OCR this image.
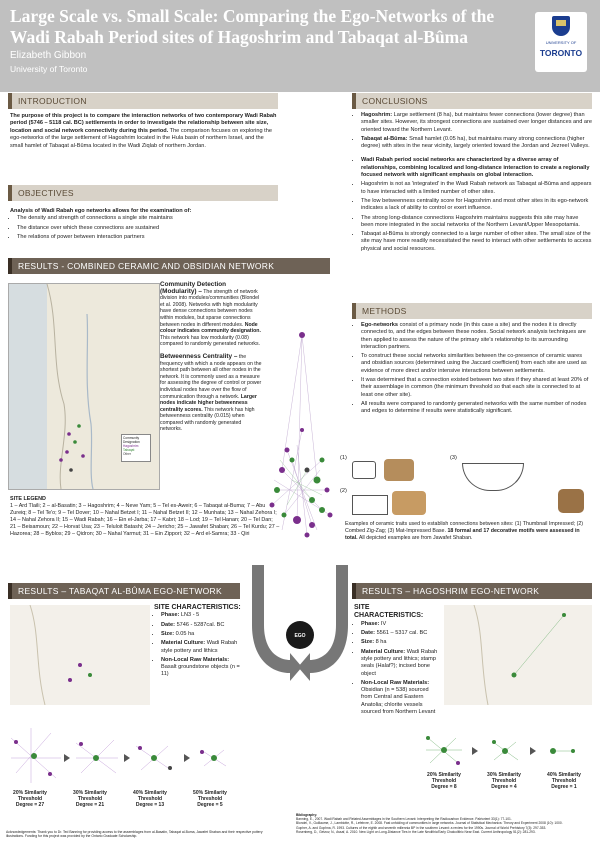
Large Scale vs. Small Scale: Comparing the Ego-Networks of the Wadi Rabah Period sites of Hagoshrim and Tabaqat al-Bûma
Elizabeth Gibbon
University of Toronto
UNIVERSITY OF
TORONTO
INTRODUCTION
The purpose of this project is to compare the interaction networks of two contemporary Wadi Rabah period (5746 – 5118 cal. BC) settlements in order to investigate the relationship between site size, location and social network connectivity during this period. The comparison focuses on exploring the ego-networks of the large settlement of Hagoshrim located in the Hula basin of northern Israel, and the small hamlet of Tabaqat al-Bûma located in the Wadi Ziqlab of northern Jordan.
OBJECTIVES
Analysis of Wadi Rabah ego networks allows for the examination of:
• The density and strength of connections a single site maintains
• The distance over which these connections are sustained
• The relations of power between interaction partners
RESULTS - COMBINED CERAMIC AND OBSIDIAN NETWORK
Community Designation
Hagoshrim
Tabaqat
Other
Community Detection (Modularity) – The strength of network division into modules/communities (Blondel et al. 2008). Networks with high modularity have dense connections between nodes within modules, but sparse connections between nodes in different modules. Node colour indicates community designation. This network has low modularity (0.08) compared to randomly generated networks.
Betweenness Centrality – the frequency with which a node appears on the shortest path between all other nodes in the network. It is commonly used as a measure for assessing the degree of control or power individual nodes have over the flow of communication through a network. Larger nodes indicate higher betweenness centrality scores. This network has high betweenness centrality (0.015) when compared with randomly generated networks.
SITE LEGEND
1 – Ard Tlaili; 2 – al-Basatin; 3 – Hagoshrim; 4 – Neve Yam; 5 – Tel es-Aweir; 6 – Tabaqat al-Buma; 7 – Abu Zureiq; 8 – Tel Te'o; 9 – Tel Dover; 10 – Nahal Betzet I; 11 – Nahal Betzet II; 12 – Munhata; 13 – Nahal Zehora I; 14 – Nahal Zehora II; 15 – Wadi Rabah; 16 – Ein el-Jarba; 17 – Kabri; 18 – Lod; 19 – Tel Hanan; 20 – Tel Dan; 21 – Beisamoun; 22 – Horvat Usa; 23 – Teluloit Batashi; 24 – Jericho; 25 – Jawafet Shaban; 26 – Tel Kurdu; 27 – Hazorea; 28 – Byblos; 29 – Qidron; 30 – Nahal Yarmut; 31 – Ein Zippori; 32 – Ard el-Samra; 33 - Qiri
CONCLUSIONS
• Hagoshrim: Large settlement (8 ha), but maintains fewer connections (lower degree) than smaller sites. However, its strongest connections are sustained over longer distances and are oriented toward the Northern Levant.
• Tabaqat al-Bûma: Small hamlet (0.05 ha), but maintains many strong connections (higher degree) with sites in the near vicinity, largely oriented toward the Jordan and Jezreel Valleys.
• Wadi Rabah period social networks are characterized by a diverse array of relationships, combining localized and long-distance interaction to create a regionally focused network with significant emphasis on global interaction.
• Hagoshrim is not as 'integrated' in the Wadi Rabah network as Tabaqat al-Bûma and appears to have interacted with a limited number of other sites.
• The low betweenness centrality score for Hagoshrim and most other sites in its ego-network indicates a lack of ability to control or exert influence.
• The strong long-distance connections Hagoshrim maintains suggests this site may have been more integrated in the social networks of the Northern Levant/Upper Mesopotamia.
• Tabaqat al-Bûma is strongly connected to a large number of other sites. The small size of the site may have more readily necessitated the need to interact with other settlements to access physical and social resources.
METHODS
• Ego-networks consist of a primary node (in this case a site) and the nodes it is directly connected to, and the edges between these nodes. Social network analysis techniques are then applied to assess the nature of the primary site's relationship to its surrounding interaction partners.
• To construct these social networks similarities between the co-presence of ceramic wares and obsidian sources (determined using the Jaccard coefficient) from each site are used as evidence of more direct and/or intensive interactions between settlements.
• It was determined that a connection existed between two sites if they shared at least 20% of their assemblage in common (the minimum threshold so that each site is connected to at least one other site).
• All results were compared to randomly generated networks with the same number of nodes and edges to determine if results were statistically significant.
(1)
(2)
(3)
Examples of ceramic traits used to establish connections between sites: (1) Thumbnail Impressed; (2) Combed Zig-Zag; (3) Mat-Impressed Base. 18 formal and 17 decorative motifs were assessed in total. All depicted examples are from Jawafet Shaban.
EGO
RESULTS – TABAQAT AL-BÛMA EGO-NETWORK
SITE CHARACTERISTICS:
• Phase: LN3 - 5
• Date: 5746 - 5287cal. BC
• Size: 0.05 ha
• Material Culture: Wadi Rabah style pottery and lithics
• Non-Local Raw Materials: Basalt groundstone objects (n = 11)
20% Similarity Threshold
Degree = 27
30% Similarity Threshold
Degree = 21
40% Similarity Threshold
Degree = 13
50% Similarity Threshold
Degree = 5
RESULTS – HAGOSHRIM EGO-NETWORK
SITE CHARACTERISTICS:
• Phase: IV
• Date: 5561 – 5317 cal. BC
• Size: 8 ha
• Material Culture: Wadi Rabah style pottery and lithics; stamp seals (Halaf?); incised bone object
• Non-Local Raw Materials: Obsidian (n = 538) sourced from Central and Eastern Anatolia; chlorite vessels sourced from Northern Levant
20% Similarity Threshold
Degree = 8
30% Similarity Threshold
Degree = 4
40% Similarity Threshold
Degree = 1
Acknowledgements: Thank you to Dr. Ted Banning for providing access to the assemblages from al-Basatin, Tabaqat al-Buma, Jawafet Shaban and their respective pottery illustrations. Funding for this project was provided by the Ontario Graduate Scholarship.
Bibliography:
Banning, E., 2007. Wadi Rabah and Related Assemblages in the Southern Levant: Interpreting the Radiocarbon Evidence. Paléorient 33(1): 77-101.
Blondel, V., Guillaume, J., Lambiotte, R., Lefebvre, E. 2008. Fast unfolding of communities in large networks. Journal of Statistical Mechanics: Theory and Experiment 2008 (10): 1000.
Gopher, A. and Gophna, R. 1993. Cultures of the eighth and seventh millennia BP in the southern Levant: a review for the 1990s. Journal of World Prehistory 7(3): 297-353.
Rosenberg, D., Getzov, N., Assaf, A. 2010. New Light on Long-Distance Ties in the Late Neolithic/Early Chalcolithic Near East. Current Anthropology 51(2): 281-293.
